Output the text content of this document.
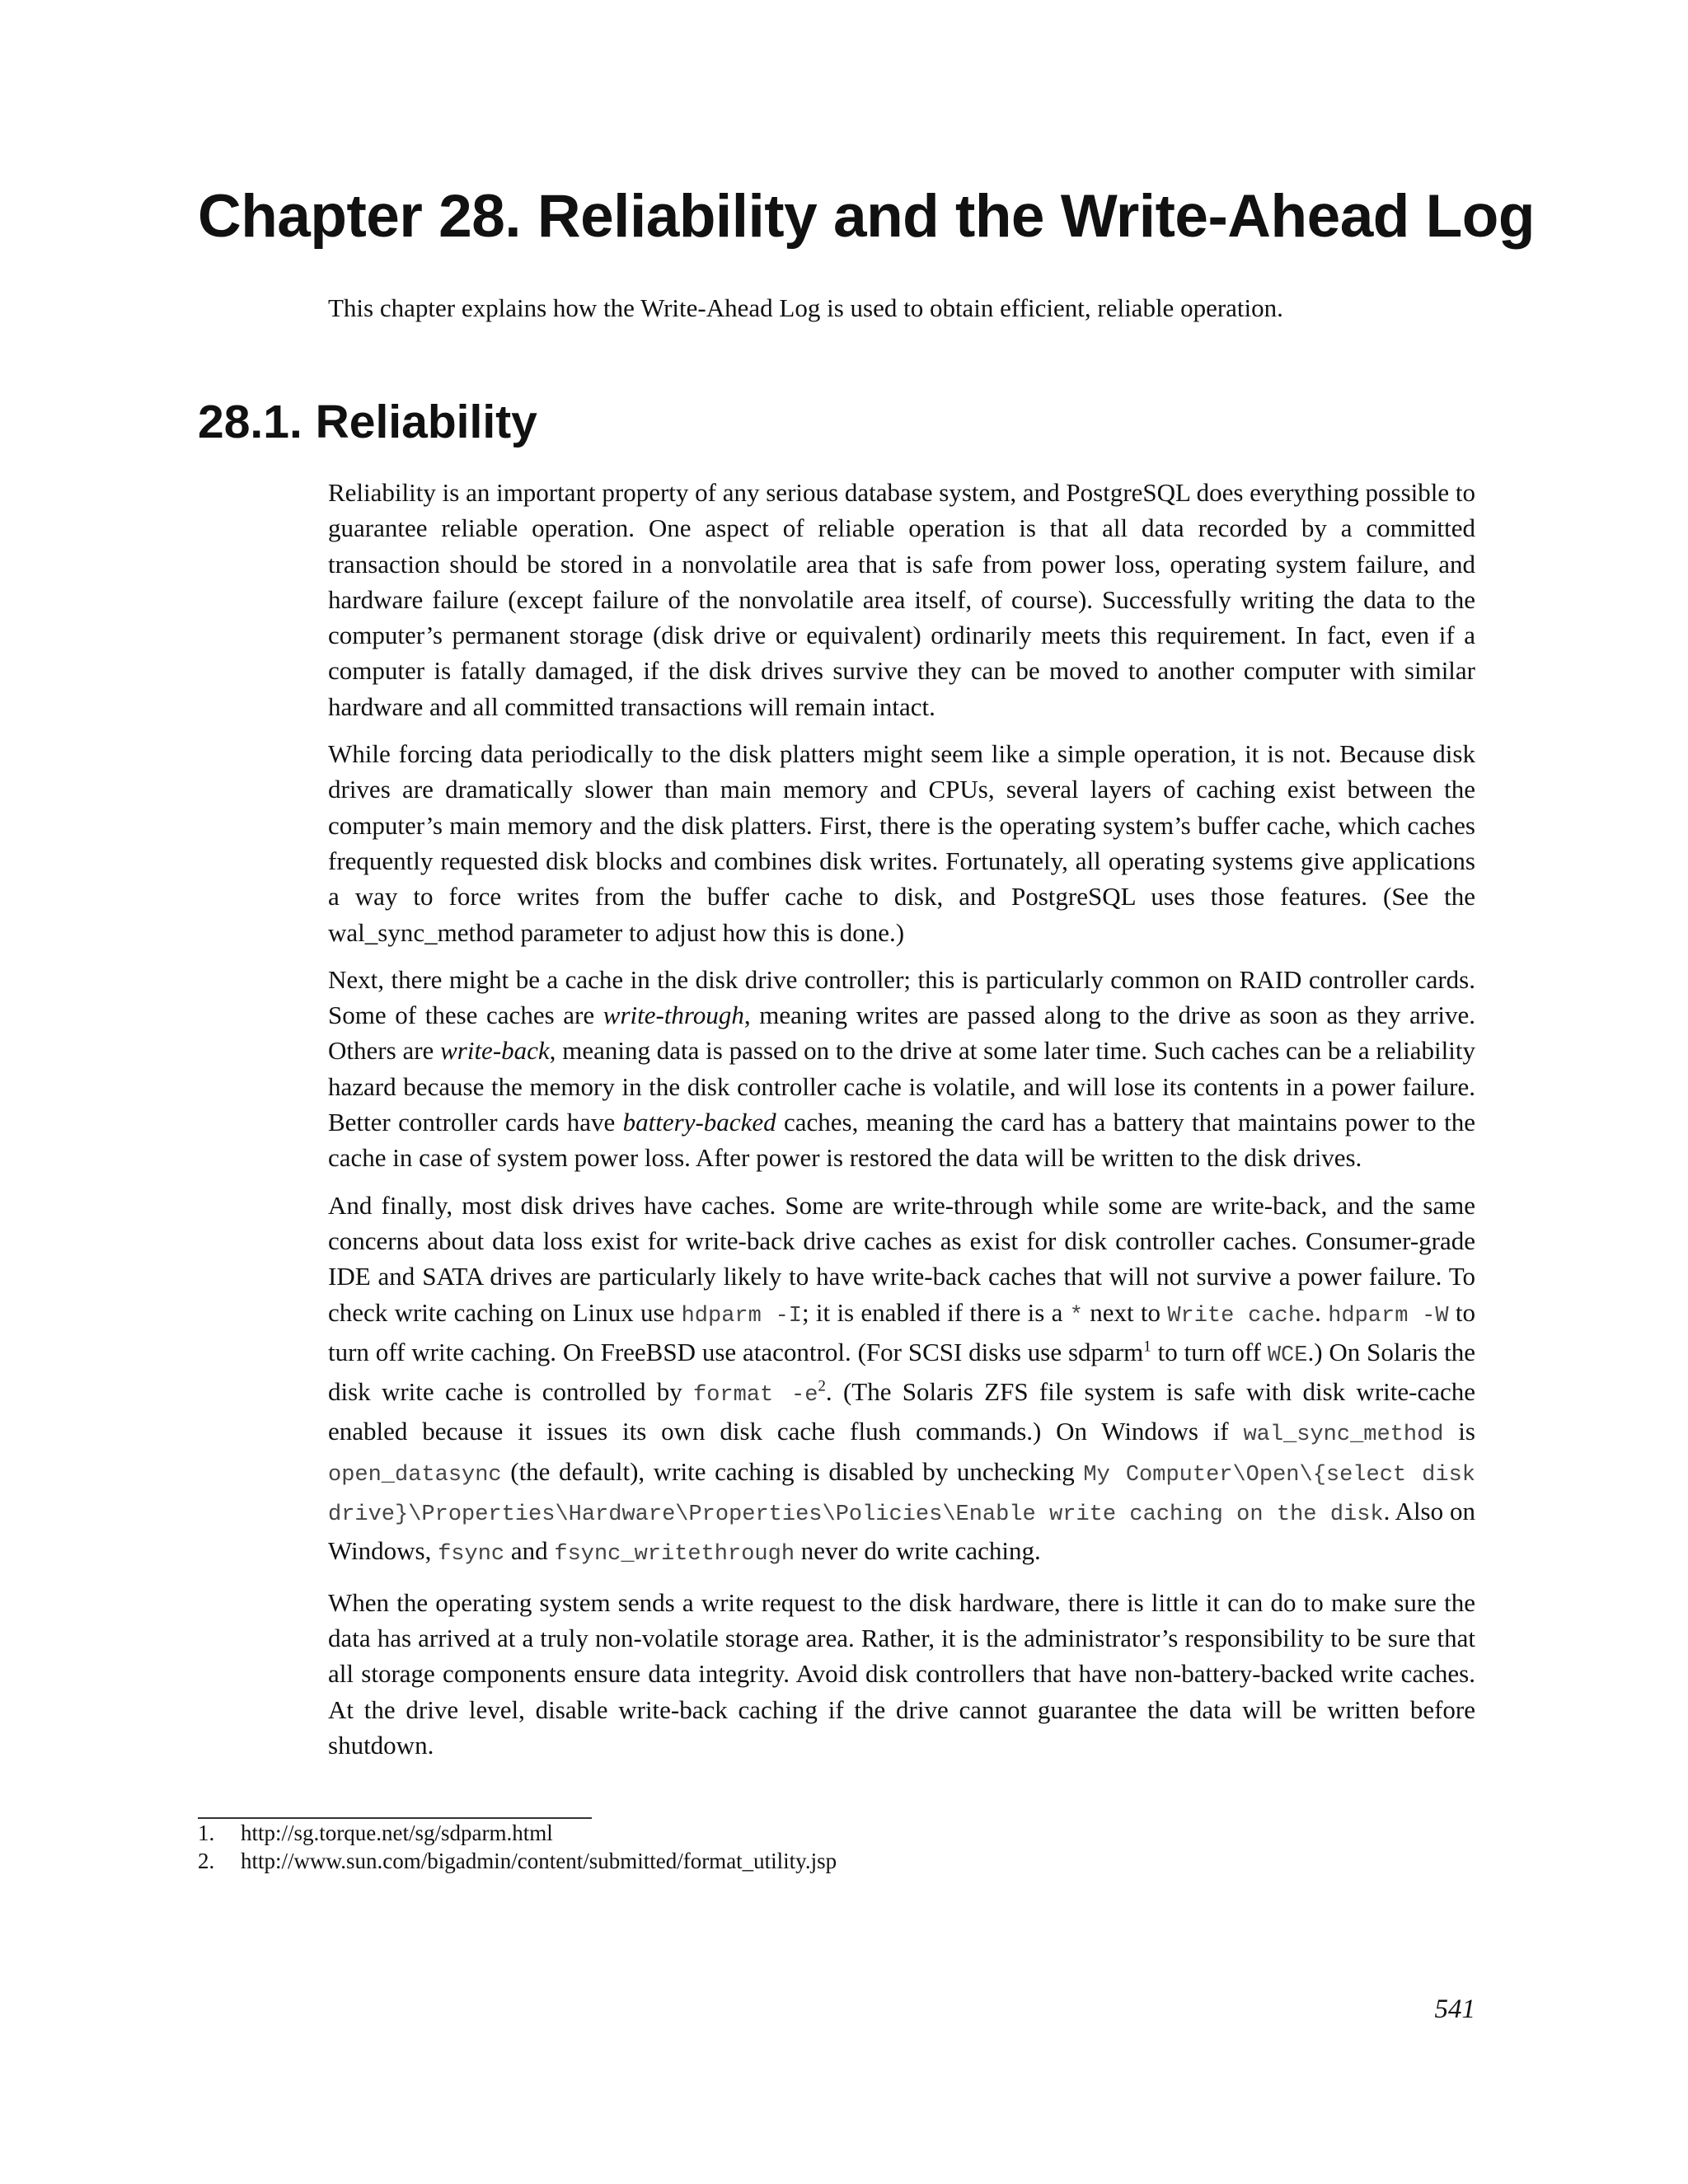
Chapter 28. Reliability and the Write-Ahead Log

This chapter explains how the Write-Ahead Log is used to obtain efficient, reliable operation.

28.1. Reliability

Reliability is an important property of any serious database system, and PostgreSQL does everything possible to guarantee reliable operation. One aspect of reliable operation is that all data recorded by a committed transaction should be stored in a nonvolatile area that is safe from power loss, operating system failure, and hardware failure (except failure of the nonvolatile area itself, of course). Successfully writing the data to the computer’s permanent storage (disk drive or equivalent) ordinarily meets this requirement. In fact, even if a computer is fatally damaged, if the disk drives survive they can be moved to another computer with similar hardware and all committed transactions will remain intact.

While forcing data periodically to the disk platters might seem like a simple operation, it is not. Because disk drives are dramatically slower than main memory and CPUs, several layers of caching exist between the computer’s main memory and the disk platters. First, there is the operating system’s buffer cache, which caches frequently requested disk blocks and combines disk writes. Fortunately, all operating systems give applications a way to force writes from the buffer cache to disk, and PostgreSQL uses those features. (See the wal_sync_method parameter to adjust how this is done.)

Next, there might be a cache in the disk drive controller; this is particularly common on RAID controller cards. Some of these caches are write-through, meaning writes are passed along to the drive as soon as they arrive. Others are write-back, meaning data is passed on to the drive at some later time. Such caches can be a reliability hazard because the memory in the disk controller cache is volatile, and will lose its contents in a power failure. Better controller cards have battery-backed caches, meaning the card has a battery that maintains power to the cache in case of system power loss. After power is restored the data will be written to the disk drives.

And finally, most disk drives have caches. Some are write-through while some are write-back, and the same concerns about data loss exist for write-back drive caches as exist for disk controller caches. Consumer-grade IDE and SATA drives are particularly likely to have write-back caches that will not survive a power failure. To check write caching on Linux use hdparm -I; it is enabled if there is a * next to Write cache. hdparm -W to turn off write caching. On FreeBSD use atacontrol. (For SCSI disks use sdparm$^1$ to turn off WCE.) On Solaris the disk write cache is controlled by format $-e^2$. (The Solaris ZFS file system is safe with disk write-cache enabled because it issues its own disk cache flush commands.) On Windows if wal_sync_method is open_datasync (the default), write caching is disabled by unchecking My Computer\Open\{select disk drive}\Properties\Hardware\Properties\Policies\Enable write caching on the disk. Also on Windows, fsync and fsync_writethrough never do write caching.

When the operating system sends a write request to the disk hardware, there is little it can do to make sure the data has arrived at a truly non-volatile storage area. Rather, it is the administrator’s responsibility to be sure that all storage components ensure data integrity. Avoid disk controllers that have non-battery-backed write caches. At the drive level, disable write-back caching if the drive cannot guarantee the data will be written before shutdown.

1.	http://sg.torque.net/sg/sdparm.html
2.	http://www.sun.com/bigadmin/content/submitted/format_utility.jsp
541
